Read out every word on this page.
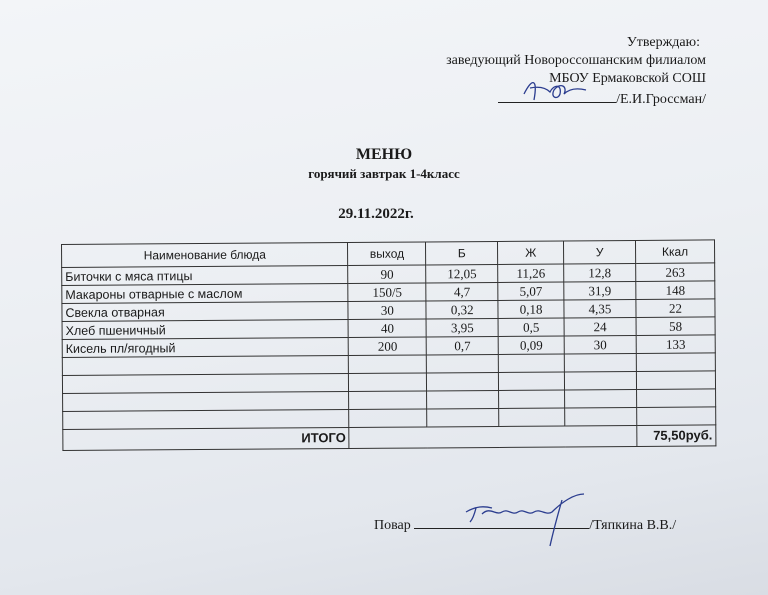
Утверждаю:
заведующий Новороссошанским филиалом
МБОУ Ермаковской СОШ
/Е.И.Гроссман/
МЕНЮ
горячий завтрак 1-4класс
29.11.2022г.
Наименование блюда	выход	Б	Ж	У	Ккал
Биточки с мяса птицы	90	12,05	11,26	12,8	263
Макароны отварные с маслом	150/5	4,7	5,07	31,9	148
Свекла отварная	30	0,32	0,18	4,35	22
Хлеб пшеничный	40	3,95	0,5	24	58
Кисель пл/ягодный	200	0,7	0,09	30	133

ИТОГО					75,50руб.
Повар	/Тяпкина В.В./
